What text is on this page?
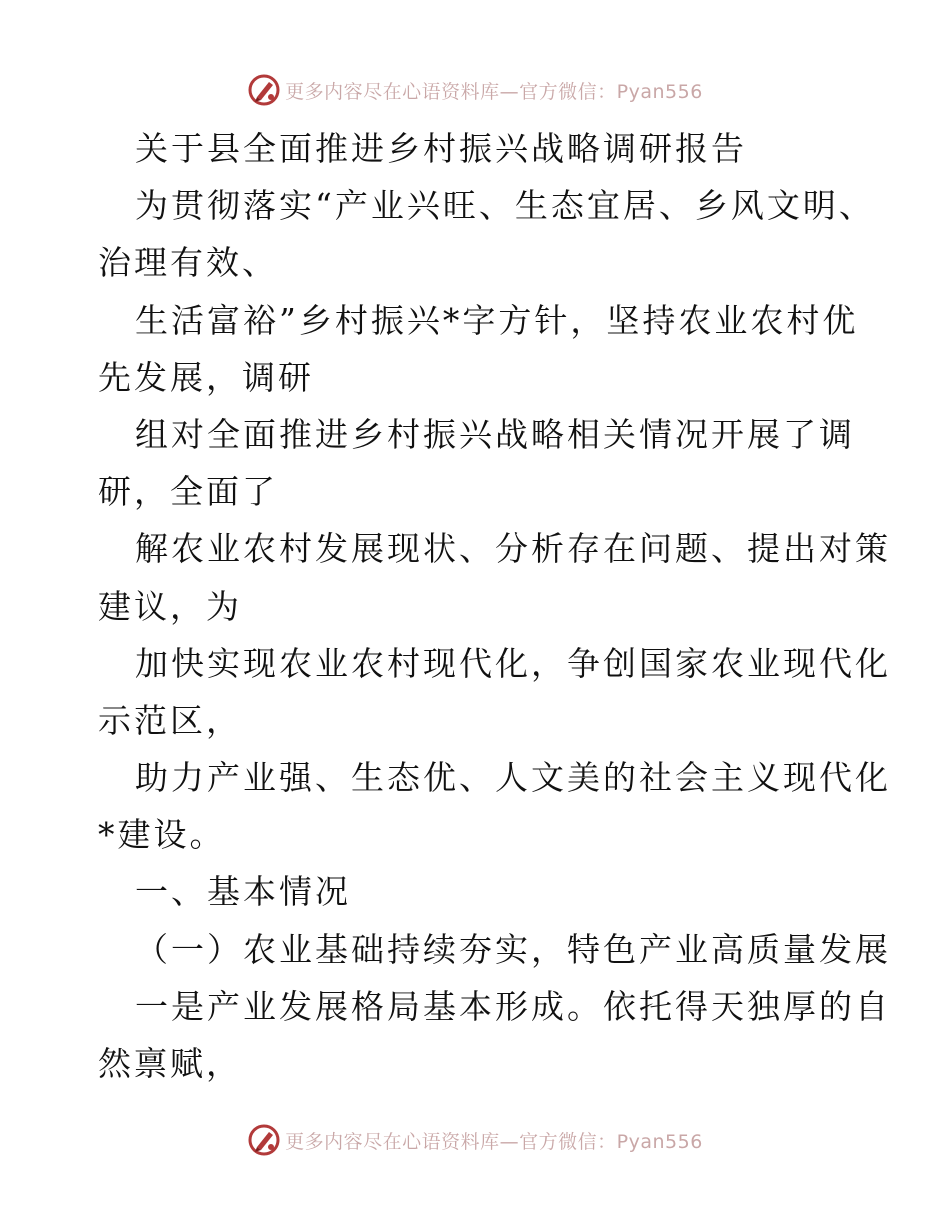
更多内容尽在心语资料库—官方微信：Pyan556
关于县全面推进乡村振兴战略调研报告
为贯彻落实“产业兴旺、生态宜居、乡风文明、
治理有效、
生活富裕”乡村振兴*字方针，坚持农业农村优
先发展，调研
组对全面推进乡村振兴战略相关情况开展了调
研，全面了
解农业农村发展现状、分析存在问题、提出对策
建议，为
加快实现农业农村现代化，争创国家农业现代化
示范区，
助力产业强、生态优、人文美的社会主义现代化
*建设。
一、基本情况
（一）农业基础持续夯实，特色产业高质量发展
一是产业发展格局基本形成。依托得天独厚的自
然禀赋，
更多内容尽在心语资料库—官方微信：Pyan556
